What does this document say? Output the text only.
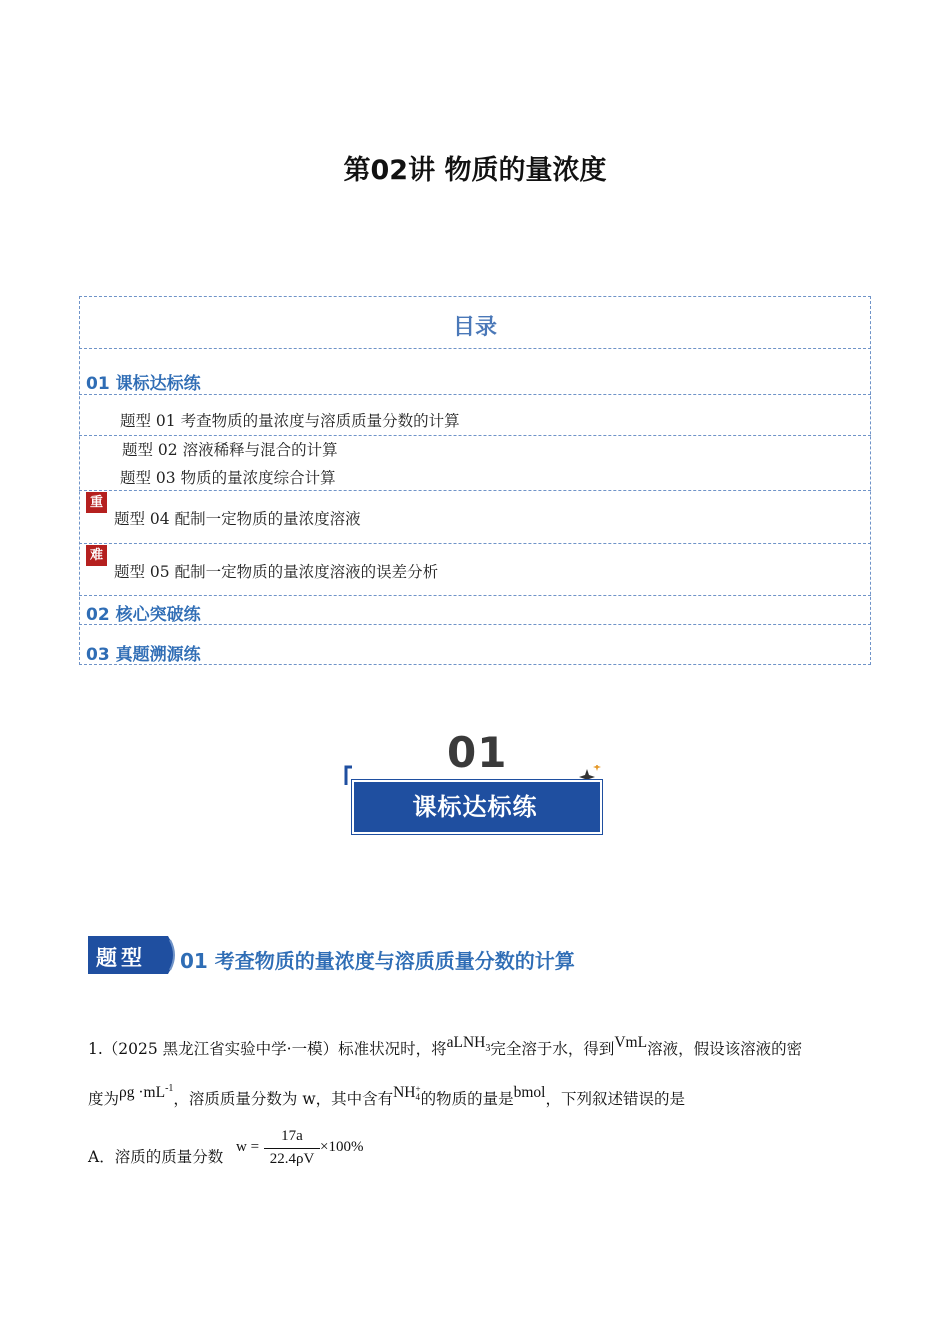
第02讲 物质的量浓度
目录
01 课标达标练
题型 01 考查物质的量浓度与溶质质量分数的计算
题型 02 溶液稀释与混合的计算
题型 03 物质的量浓度综合计算
重
题型 04 配制一定物质的量浓度溶液
难
题型 05 配制一定物质的量浓度溶液的误差分析
02 核心突破练
03 真题溯源练
01
课标达标练
题型 01 考查物质的量浓度与溶质质量分数的计算
1.（2025 黑龙江省实验中学·一模）标准状况时，将aLNH$_3$完全溶于水，得到VmL溶液，假设该溶液的密
度为$\rho g \cdot mL^{-1}$，溶质质量分数为 w，其中含有NH +
4 的物质的量是bmol，下列叙述错误的是
A．溶质的质量分数
w =
17a
22.4ρV
×100%
